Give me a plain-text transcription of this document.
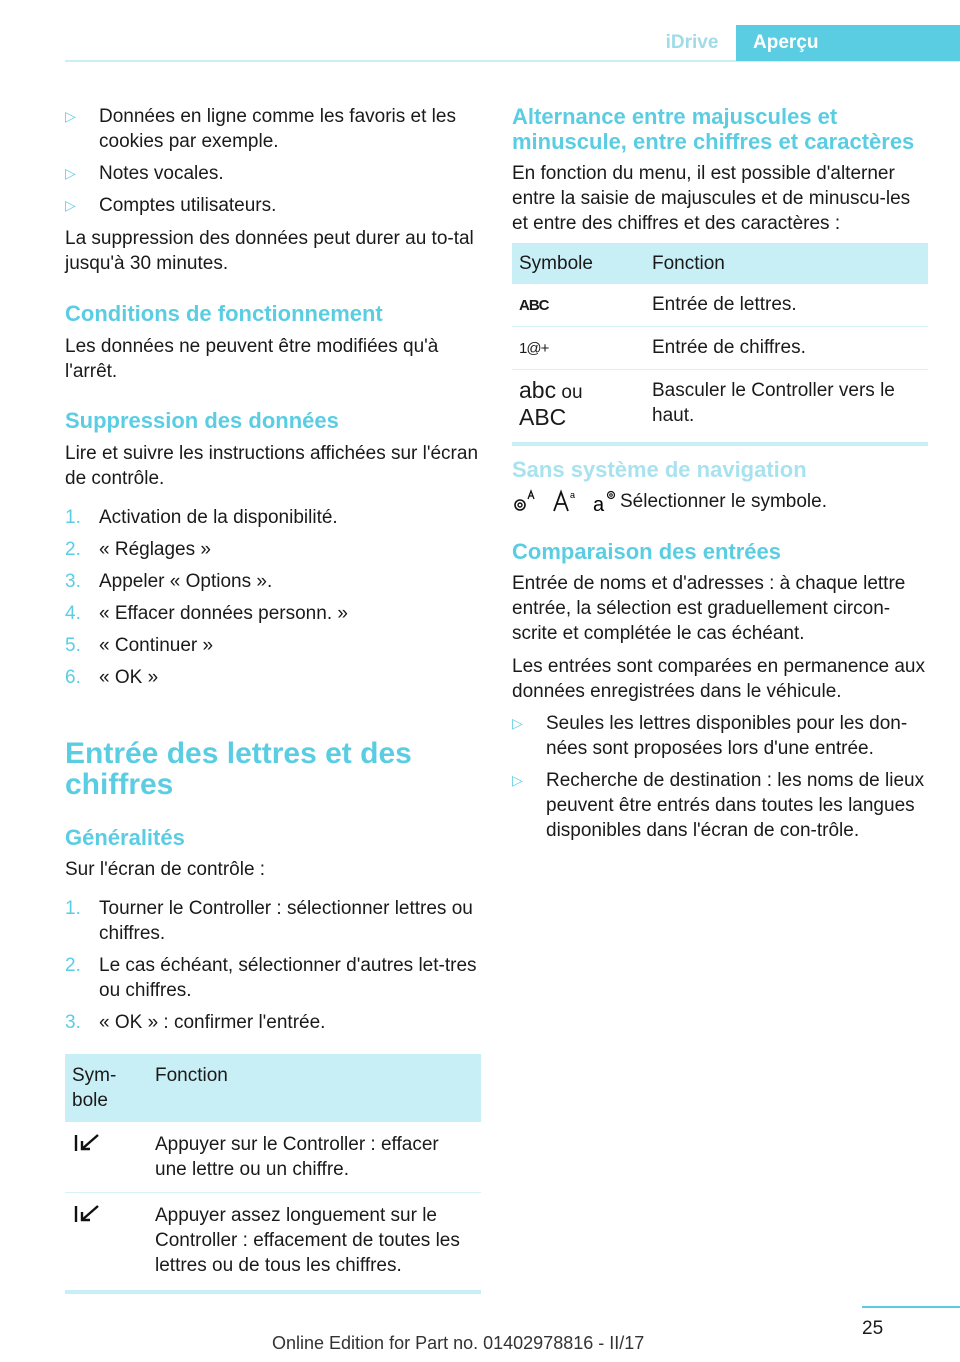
iDrive	Aperçu
▷ Données en ligne comme les favoris et les cookies par exemple.
▷ Notes vocales.
▷ Comptes utilisateurs.

La suppression des données peut durer au to-tal jusqu'à 30 minutes.

Conditions de fonctionnement

Les données ne peuvent être modifiées qu'à l'arrêt.

Suppression des données

Lire et suivre les instructions affichées sur l'écran de contrôle.

1. Activation de la disponibilité.
2. « Réglages »
3. Appeler « Options ».
4. « Effacer données personn. »
5. « Continuer »
6. « OK »
Entrée des lettres et des
chiffres
Généralités

Sur l'écran de contrôle :

1. Tourner le Controller : sélectionner lettres ou chiffres.
2. Le cas échéant, sélectionner d'autres let-tres ou chiffres.
3. « OK » : confirmer l'entrée.
Sym-
bole	Fonction
	Appuyer sur le Controller : effacer une lettre ou un chiffre.
	Appuyer assez longuement sur le Controller : effacement de toutes les lettres ou de tous les chiffres.
Alternance entre majuscules et
minuscule, entre chiffres et caractères

En fonction du menu, il est possible d'alterner entre la saisie de majuscules et de minuscu-les et entre des chiffres et des caractères :

Symbole	Fonction
ABC	Entrée de lettres.
1@+	Entrée de chiffres.
abc ou
ABC	Basculer le Controller vers le haut.
Sans système de navigation
a a Sélectionner le symbole.
Comparaison des entrées

Entrée de noms et d'adresses : à chaque lettre entrée, la sélection est graduellement circon-scrite et complétée le cas échéant.

Les entrées sont comparées en permanence aux données enregistrées dans le véhicule.

▷ Seules les lettres disponibles pour les don-nées sont proposées lors d'une entrée.
▷ Recherche de destination : les noms de lieux peuvent être entrés dans toutes les langues disponibles dans l'écran de con-trôle.
25
Online Edition for Part no. 01402978816 - II/17
